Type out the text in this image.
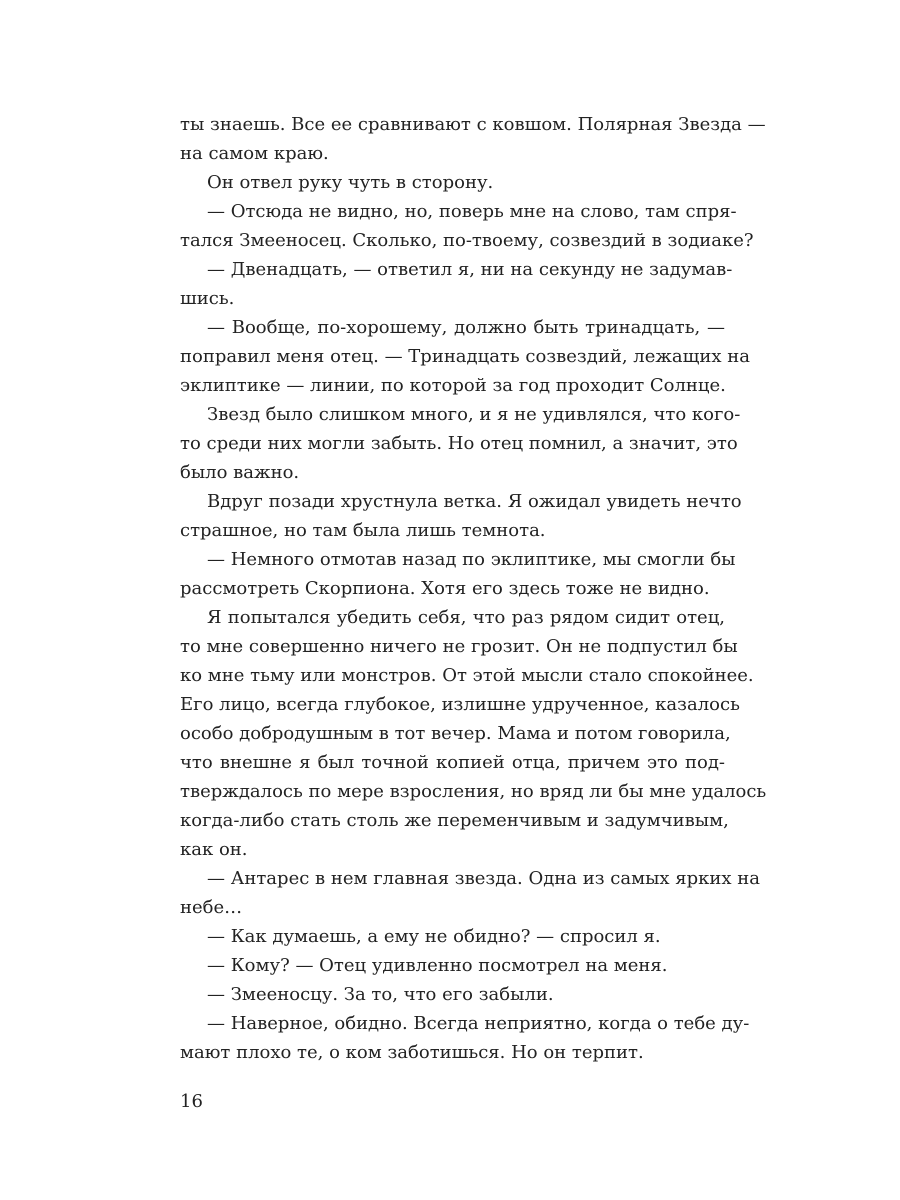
ты знаешь. Все ее сравнивают с ковшом. Полярная Звезда —
на самом краю.
Он отвел руку чуть в сторону.
— Отсюда не видно, но, поверь мне на слово, там спря-
тался Змееносец. Сколько, по-твоему, созвездий в зодиаке?
— Двенадцать, — ответил я, ни на секунду не задумав-
шись.
— Вообще, по-хорошему, должно быть тринадцать, —
поправил меня отец. — Тринадцать созвездий, лежащих на
эклиптике — линии, по которой за год проходит Солнце.
Звезд было слишком много, и я не удивлялся, что кого-
то среди них могли забыть. Но отец помнил, а значит, это
было важно.
Вдруг позади хрустнула ветка. Я ожидал увидеть нечто
страшное, но там была лишь темнота.
— Немного отмотав назад по эклиптике, мы смогли бы
рассмотреть Скорпиона. Хотя его здесь тоже не видно.
Я попытался убедить себя, что раз рядом сидит отец,
то мне совершенно ничего не грозит. Он не подпустил бы
ко мне тьму или монстров. От этой мысли стало спокойнее.
Его лицо, всегда глубокое, излишне удрученное, казалось
особо добродушным в тот вечер. Мама и потом говорила,
что внешне я был точной копией отца, причем это под-
тверждалось по мере взросления, но вряд ли бы мне удалось
когда-либо стать столь же переменчивым и задумчивым,
как он.
— Антарес в нем главная звезда. Одна из самых ярких на
небе…
— Как думаешь, а ему не обидно? — спросил я.
— Кому? — Отец удивленно посмотрел на меня.
— Змееносцу. За то, что его забыли.
— Наверное, обидно. Всегда неприятно, когда о тебе ду-
мают плохо те, о ком заботишься. Но он терпит.
16
